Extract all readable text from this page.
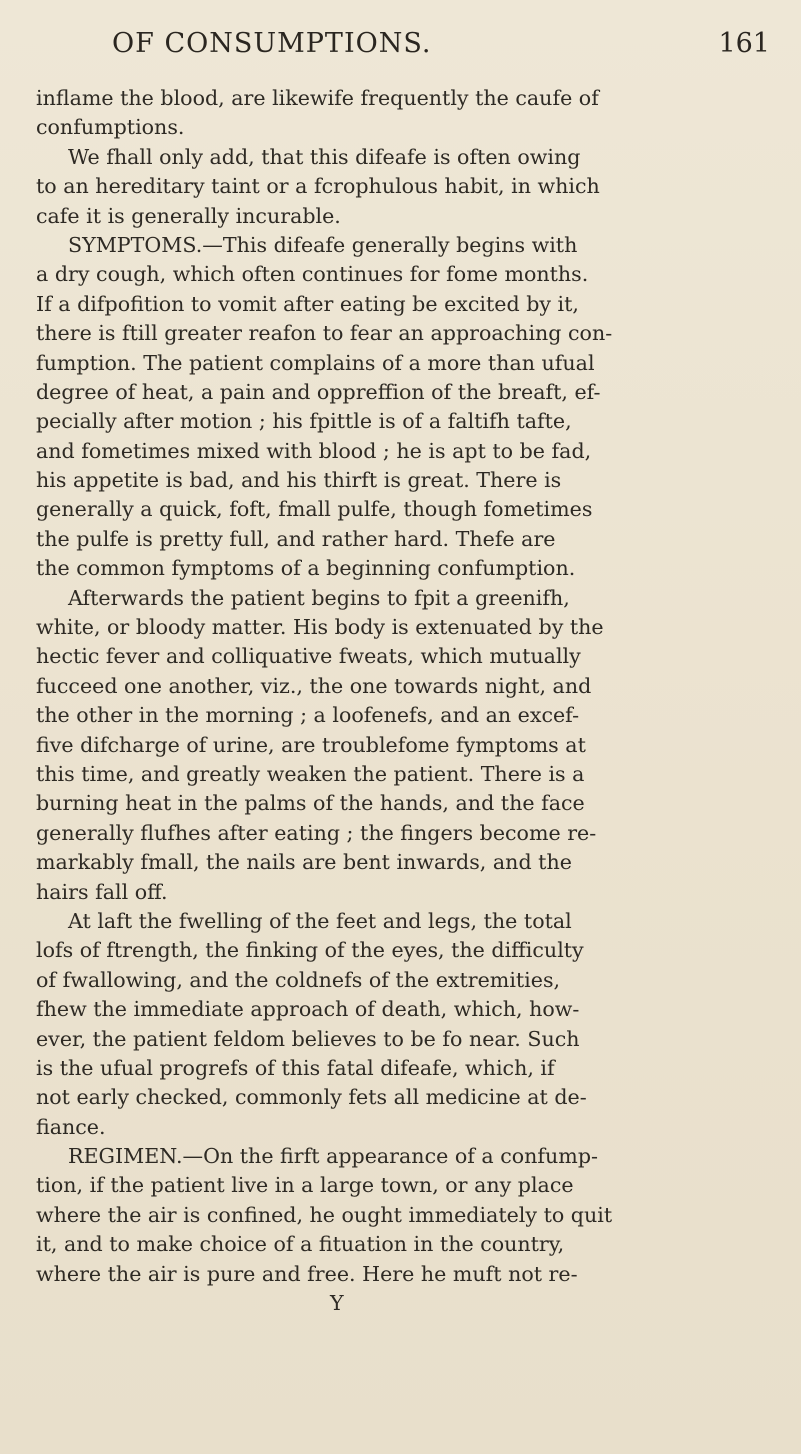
OF CONSUMPTIONS.	161
inflame the blood, are likewife frequently the caufe of
confumptions.
We fhall only add, that this difeafe is often owing
to an hereditary taint or a fcrophulous habit, in which
cafe it is generally incurable.
SYMPTOMS.—This difeafe generally begins with
a dry cough, which often continues for fome months.
If a difpofition to vomit after eating be excited by it,
there is ftill greater reafon to fear an approaching con-
fumption. The patient complains of a more than ufual
degree of heat, a pain and oppreffion of the breaft, ef-
pecially after motion ; his fpittle is of a faltifh tafte,
and fometimes mixed with blood ; he is apt to be fad,
his appetite is bad, and his thirft is great. There is
generally a quick, foft, fmall pulfe, though fometimes
the pulfe is pretty full, and rather hard. Thefe are
the common fymptoms of a beginning confumption.
Afterwards the patient begins to fpit a greenifh,
white, or bloody matter. His body is extenuated by the
hectic fever and colliquative fweats, which mutually
fucceed one another, viz., the one towards night, and
the other in the morning ; a loofenefs, and an excef-
five difcharge of urine, are troublefome fymptoms at
this time, and greatly weaken the patient. There is a
burning heat in the palms of the hands, and the face
generally flufhes after eating ; the fingers become re-
markably fmall, the nails are bent inwards, and the
hairs fall off.
At laft the fwelling of the feet and legs, the total
lofs of ftrength, the finking of the eyes, the difficulty
of fwallowing, and the coldnefs of the extremities,
fhew the immediate approach of death, which, how-
ever, the patient feldom believes to be fo near. Such
is the ufual progrefs of this fatal difeafe, which, if
not early checked, commonly fets all medicine at de-
fiance.
REGIMEN.—On the firft appearance of a confump-
tion, if the patient live in a large town, or any place
where the air is confined, he ought immediately to quit
it, and to make choice of a fituation in the country,
where the air is pure and free. Here he muft not re-
Y
